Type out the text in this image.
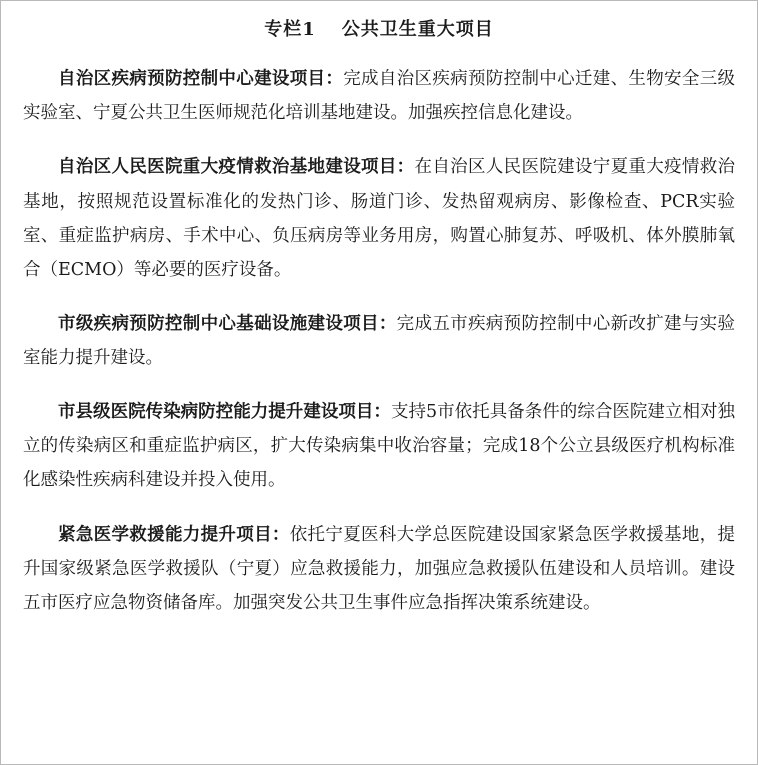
专栏1 公共卫生重大项目

自治区疾病预防控制中心建设项目：完成自治区疾病预防控制中心迁建、生物安全三级实验室、宁夏公共卫生医师规范化培训基地建设。加强疾控信息化建设。

自治区人民医院重大疫情救治基地建设项目：在自治区人民医院建设宁夏重大疫情救治基地，按照规范设置标准化的发热门诊、肠道门诊、发热留观病房、影像检查、PCR实验室、重症监护病房、手术中心、负压病房等业务用房，购置心肺复苏、呼吸机、体外膜肺氧合（ECMO）等必要的医疗设备。

市级疾病预防控制中心基础设施建设项目：完成五市疾病预防控制中心新改扩建与实验室能力提升建设。

市县级医院传染病防控能力提升建设项目：支持5市依托具备条件的综合医院建立相对独立的传染病区和重症监护病区，扩大传染病集中收治容量；完成18个公立县级医疗机构标准化感染性疾病科建设并投入使用。

紧急医学救援能力提升项目：依托宁夏医科大学总医院建设国家紧急医学救援基地，提升国家级紧急医学救援队（宁夏）应急救援能力，加强应急救援队伍建设和人员培训。建设五市医疗应急物资储备库。加强突发公共卫生事件应急指挥决策系统建设。
